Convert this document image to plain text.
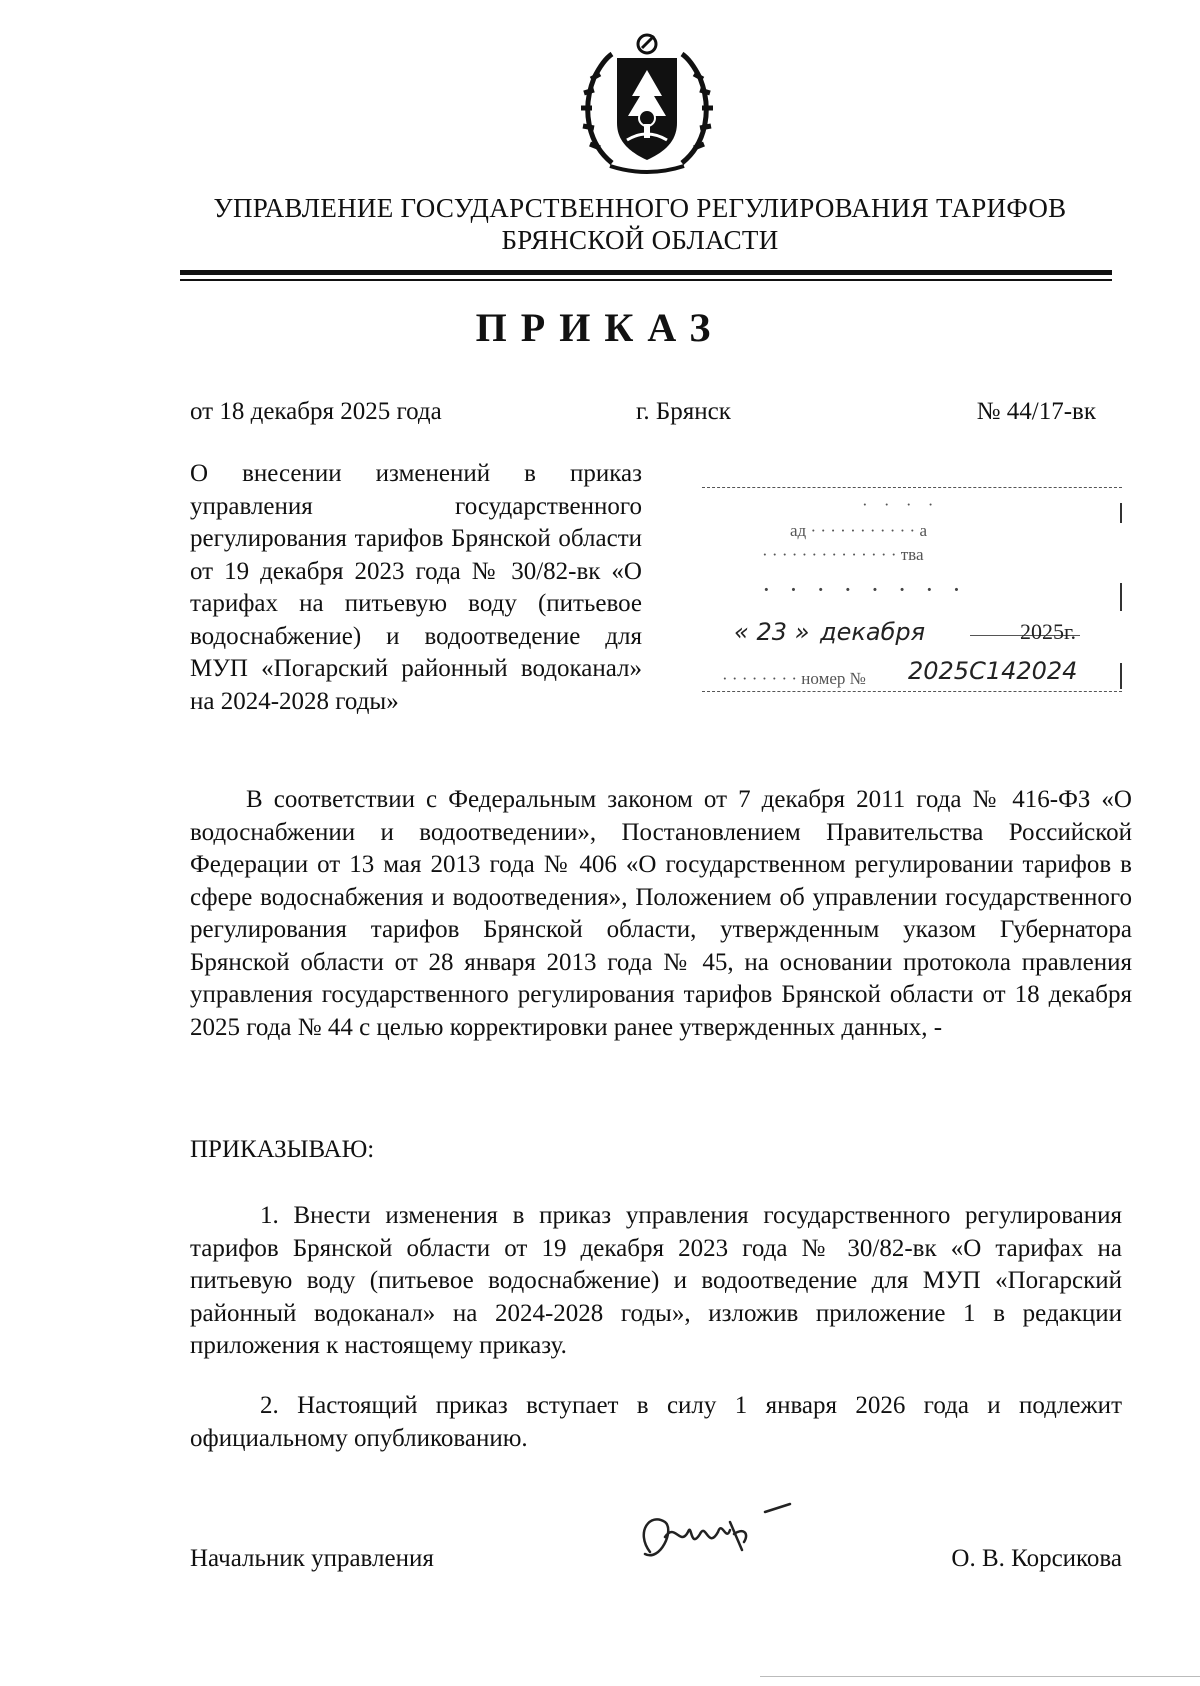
УПРАВЛЕНИЕ ГОСУДАРСТВЕННОГО РЕГУЛИРОВАНИЯ ТАРИФОВ
БРЯНСКОЙ ОБЛАСТИ
ПРИКАЗ
от 18 декабря 2025 года	г. Брянск	№ 44/17-вк
О внесении изменений в приказ управления государственного регулирования тарифов Брянской области от 19 декабря 2023 года № 30/82-вк «О тарифах на питьевую воду (питьевое водоснабжение) и водоотведение для МУП «Погарский районный водоканал» на 2024-2028 годы»
· · · ·
ад · · · · · · · · · · · а
· · · · · · · · · · · · · · тва
· · · · · · · ·
« 23 » декабря	2025г.
· · · · · · · · номер № 2025С142024
В соответствии с Федеральным законом от 7 декабря 2011 года № 416-ФЗ «О водоснабжении и водоотведении», Постановлением Правительства Российской Федерации от 13 мая 2013 года № 406 «О государственном регулировании тарифов в сфере водоснабжения и водоотведения», Положением об управлении государственного регулирования тарифов Брянской области, утвержденным указом Губернатора Брянской области от 28 января 2013 года № 45, на основании протокола правления управления государственного регулирования тарифов Брянской области от 18 декабря 2025 года № 44 с целью корректировки ранее утвержденных данных, -
ПРИКАЗЫВАЮ:
1. Внести изменения в приказ управления государственного регулирования тарифов Брянской области от 19 декабря 2023 года № 30/82-вк «О тарифах на питьевую воду (питьевое водоснабжение) и водоотведение для МУП «Погарский районный водоканал» на 2024-2028 годы», изложив приложение 1 в редакции приложения к настоящему приказу.
2. Настоящий приказ вступает в силу 1 января 2026 года и подлежит официальному опубликованию.
Начальник управления	О. В. Корсикова
